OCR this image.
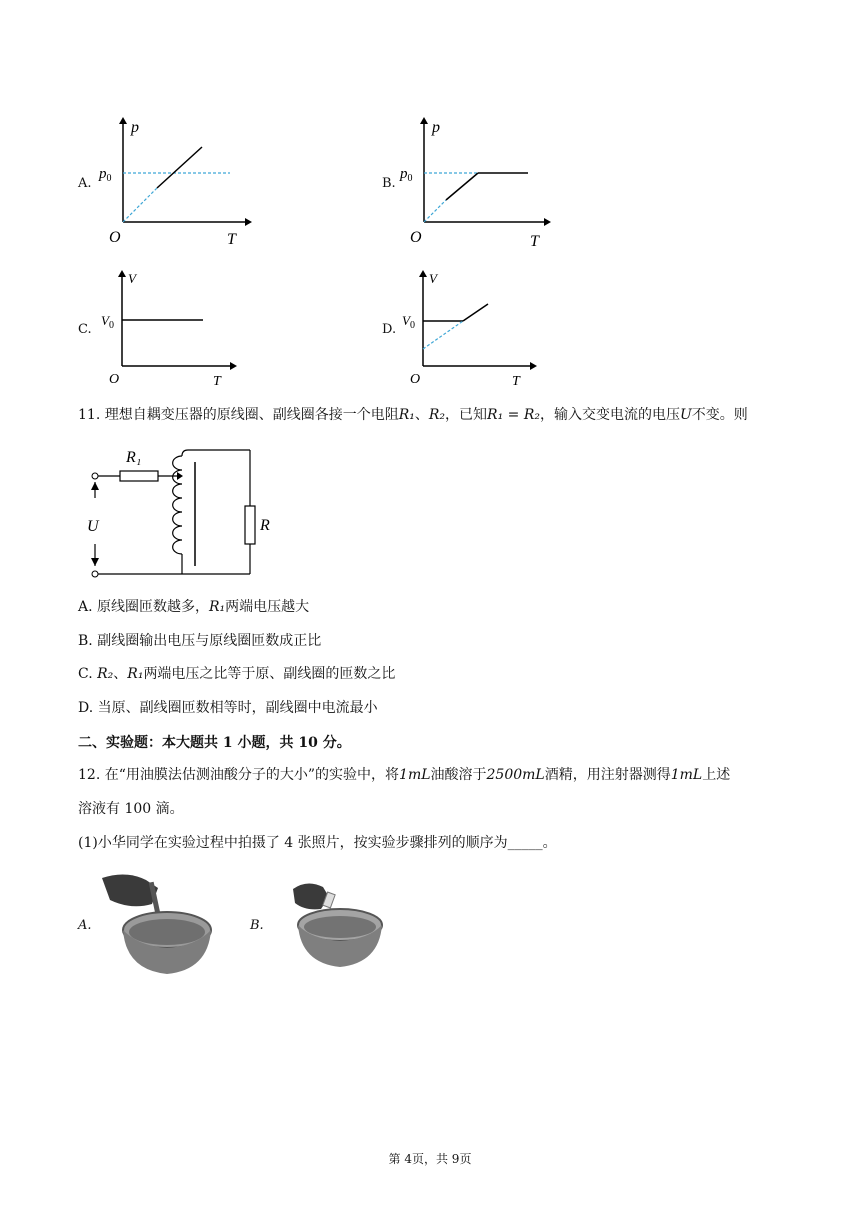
A.
p
$p_0$
O	T
B.
p
$p_0$
O	T
C.
V
$V_0$
O	T
D.
V
$V_0$
O	T
11. 理想自耦变压器的原线圈、副线圈各接一个电阻R₁、R₂，已知R₁ = R₂，输入交变电流的电压U不变。则
R₁
R
U
A. 原线圈匝数越多，R₁两端电压越大
B. 副线圈输出电压与原线圈匝数成正比
C. R₂、R₁两端电压之比等于原、副线圈的匝数之比
D. 当原、副线圈匝数相等时，副线圈中电流最小
二、实验题：本大题共 1 小题，共 10 分。
12. 在“用油膜法估测油酸分子的大小”的实验中，将1mL油酸溶于2500mL酒精，用注射器测得1mL上述
溶液有 100 滴。
(1)小华同学在实验过程中拍摄了 4 张照片，按实验步骤排列的顺序为_____。
A.	B.
第 4页，共 9页
